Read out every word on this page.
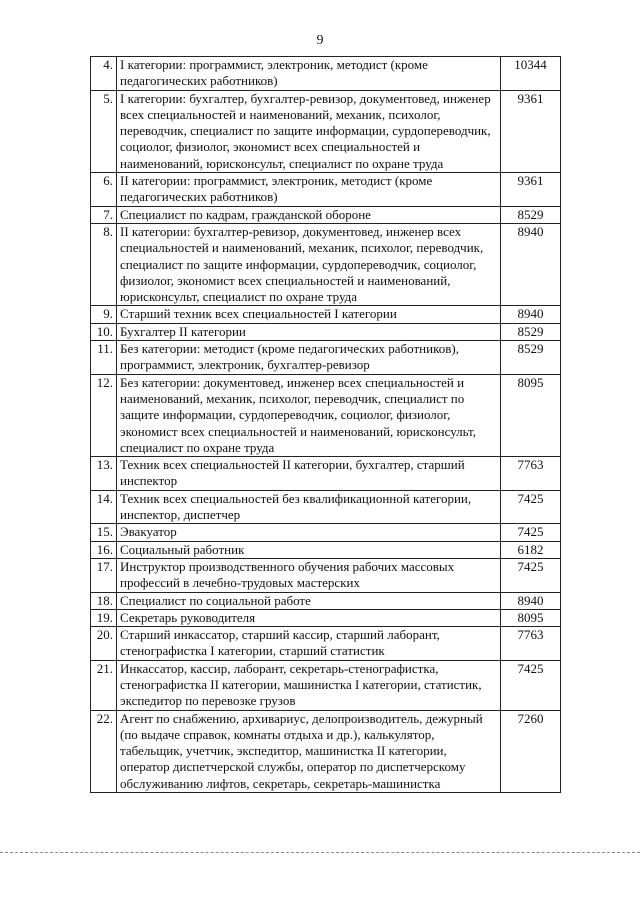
9
4.	I категории: программист, электроник, методист (кроме педагогических работников)	10344
5.	I категории: бухгалтер, бухгалтер-ревизор, документовед, инженер всех специальностей и наименований, механик, психолог, переводчик, специалист по защите информации, сурдопереводчик, социолог, физиолог, экономист всех специальностей и наименований, юрисконсульт, специалист по охране труда	9361
6.	II категории: программист, электроник, методист (кроме педагогических работников)	9361
7.	Специалист по кадрам, гражданской обороне	8529
8.	II категории: бухгалтер-ревизор, документовед, инженер всех специальностей и наименований, механик, психолог, переводчик, специалист по защите информации, сурдопереводчик, социолог, физиолог, экономист всех специальностей и наименований, юрисконсульт, специалист по охране труда	8940
9.	Старший техник всех специальностей I категории	8940
10.	Бухгалтер II категории	8529
11.	Без категории: методист (кроме педагогических работников), программист, электроник, бухгалтер-ревизор	8529
12.	Без категории: документовед, инженер всех специальностей и наименований, механик, психолог, переводчик, специалист по защите информации, сурдопереводчик, социолог, физиолог, экономист всех специальностей и наименований, юрисконсульт, специалист по охране труда	8095
13.	Техник всех специальностей II категории, бухгалтер, старший инспектор	7763
14.	Техник всех специальностей без квалификационной категории, инспектор, диспетчер	7425
15.	Эвакуатор	7425
16.	Социальный работник	6182
17.	Инструктор производственного обучения рабочих массовых профессий в лечебно-трудовых мастерских	7425
18.	Специалист по социальной работе	8940
19.	Секретарь руководителя	8095
20.	Старший инкассатор, старший кассир, старший лаборант, стенографистка I категории, старший статистик	7763
21.	Инкассатор, кассир, лаборант, секретарь-стенографистка, стенографистка II категории, машинистка I категории, статистик, экспедитор по перевозке грузов	7425
22.	Агент по снабжению, архивариус, делопроизводитель, дежурный (по выдаче справок, комнаты отдыха и др.), калькулятор, табельщик, учетчик, экспедитор, машинистка II категории, оператор диспетчерской службы, оператор по диспетчерскому обслуживанию лифтов, секретарь, секретарь-машинистка	7260
